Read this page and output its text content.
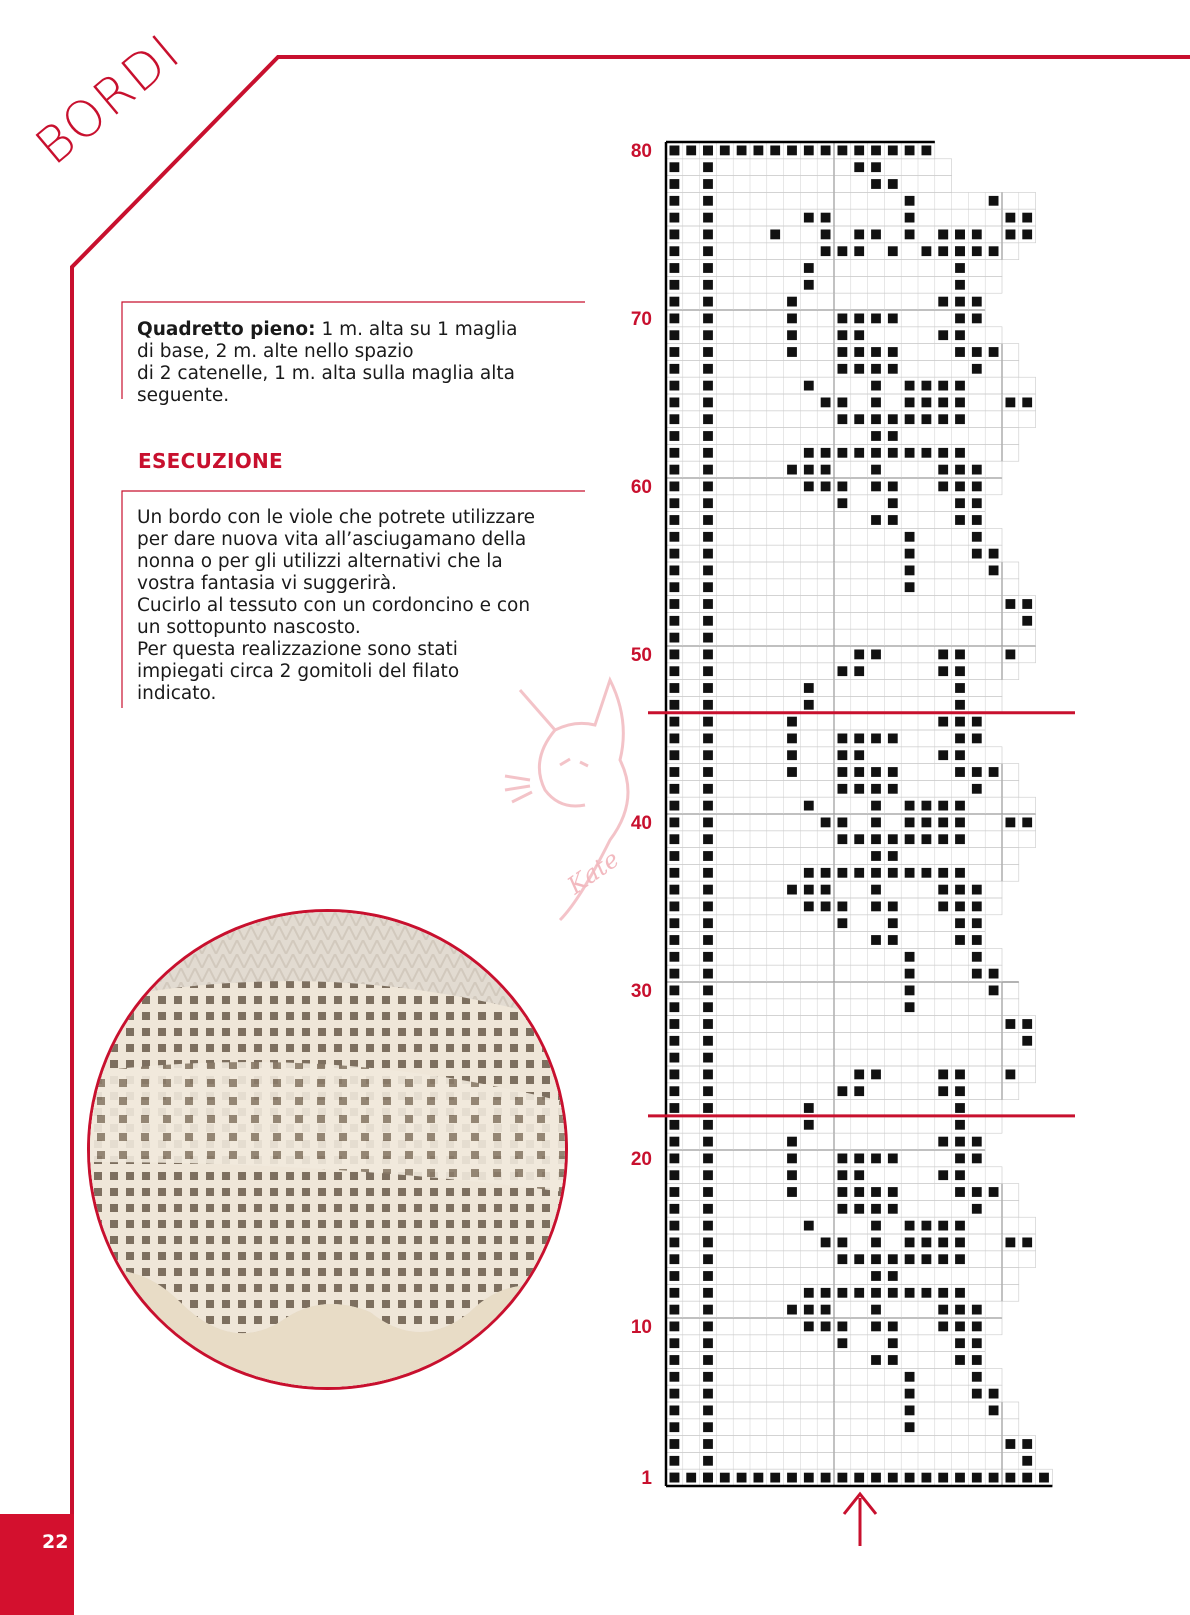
BORDI

Quadretto pieno: 1 m. alta su 1 maglia

di base, 2 m. alte nello spazio

di 2 catenelle, 1 m. alta sulla maglia alta

seguente.

ESECUZIONE

Un bordo con le viole che potrete utilizzare

per dare nuova vita all’asciugamano della

nonna o per gli utilizzi alternativi che la

vostra fantasia vi suggerirà.

Cucirlo al tessuto con un cordoncino e con

un sottopunto nascosto.

Per questa realizzazione sono stati

impiegati circa 2 gomitoli del filato

indicato.

Kate
22
1
10
20
30
40
50
60
70
80
